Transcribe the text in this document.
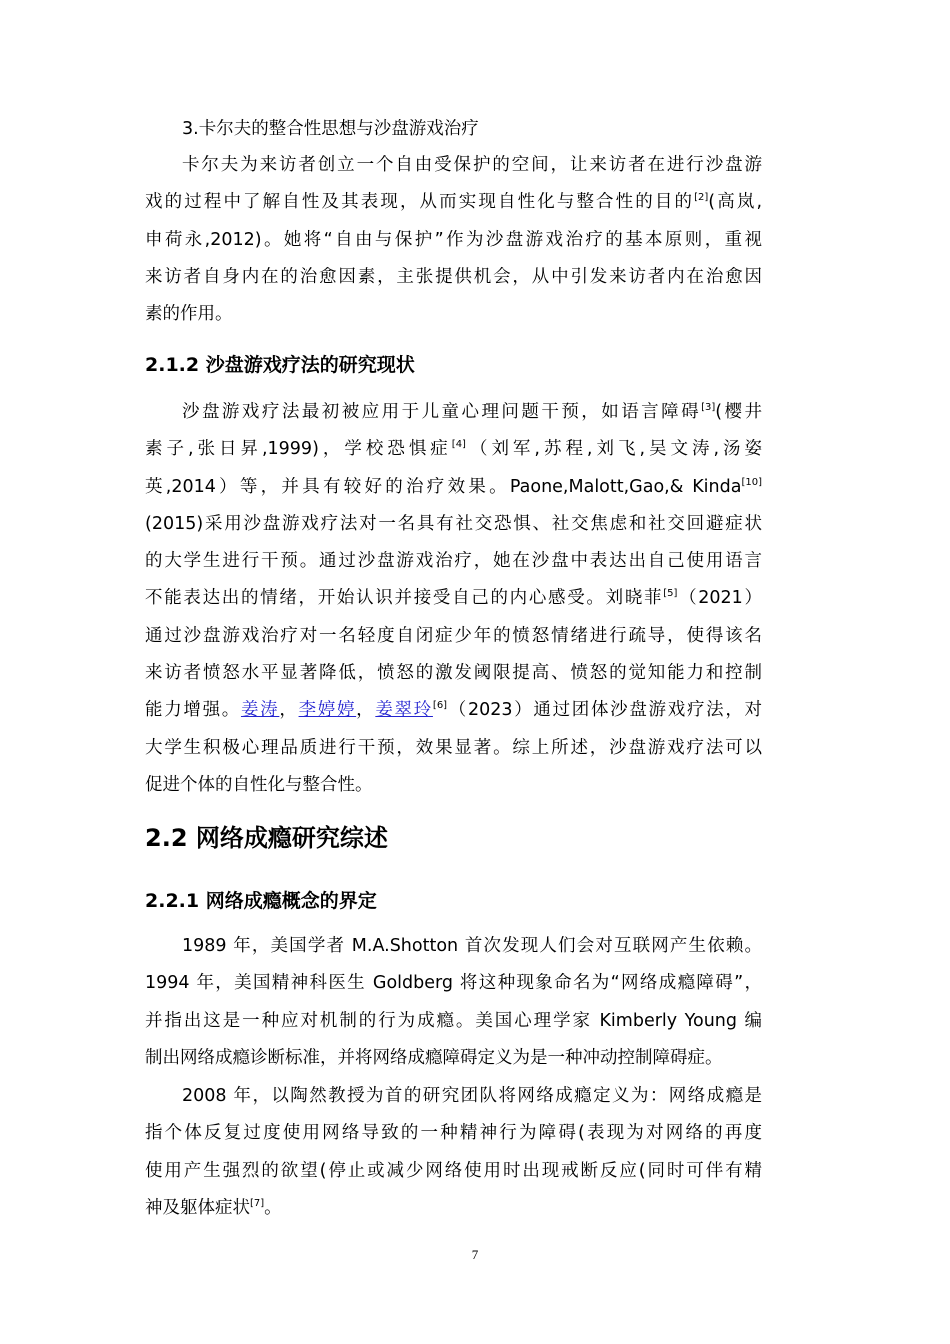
3.卡尔夫的整合性思想与沙盘游戏治疗
卡尔夫为来访者创立一个自由受保护的空间，让来访者在进行沙盘游
戏的过程中了解自性及其表现，从而实现自性化与整合性的目的[2](高岚,
申荷永,2012)。她将“自由与保护”作为沙盘游戏治疗的基本原则，重视
来访者自身内在的治愈因素，主张提供机会，从中引发来访者内在治愈因
素的作用。
2.1.2 沙盘游戏疗法的研究现状
沙盘游戏疗法最初被应用于儿童心理问题干预，如语言障碍[3](樱井
素子,张日昇,1999)，学校恐惧症[4]（刘军,苏程,刘飞,吴文涛,汤姿
英,2014）等，并具有较好的治疗效果。Paone,Malott,Gao,& Kinda[10]
(2015)采用沙盘游戏疗法对一名具有社交恐惧、社交焦虑和社交回避症状
的大学生进行干预。通过沙盘游戏治疗，她在沙盘中表达出自己使用语言
不能表达出的情绪，开始认识并接受自己的内心感受。刘晓菲[5]（2021）
通过沙盘游戏治疗对一名轻度自闭症少年的愤怒情绪进行疏导，使得该名
来访者愤怒水平显著降低，愤怒的激发阈限提高、愤怒的觉知能力和控制
能力增强。姜涛，李婷婷，姜翠玲[6]（2023）通过团体沙盘游戏疗法，对
大学生积极心理品质进行干预，效果显著。综上所述，沙盘游戏疗法可以
促进个体的自性化与整合性。
2.2 网络成瘾研究综述
2.2.1 网络成瘾概念的界定
1989 年，美国学者 M.A.Shotton 首次发现人们会对互联网产生依赖。
1994 年，美国精神科医生 Goldberg 将这种现象命名为“网络成瘾障碍”，
并指出这是一种应对机制的行为成瘾。美国心理学家 Kimberly Young 编
制出网络成瘾诊断标准，并将网络成瘾障碍定义为是一种冲动控制障碍症。
2008 年，以陶然教授为首的研究团队将网络成瘾定义为：网络成瘾是
指个体反复过度使用网络导致的一种精神行为障碍(表现为对网络的再度
使用产生强烈的欲望(停止或减少网络使用时出现戒断反应(同时可伴有精
神及躯体症状[7]。
7
